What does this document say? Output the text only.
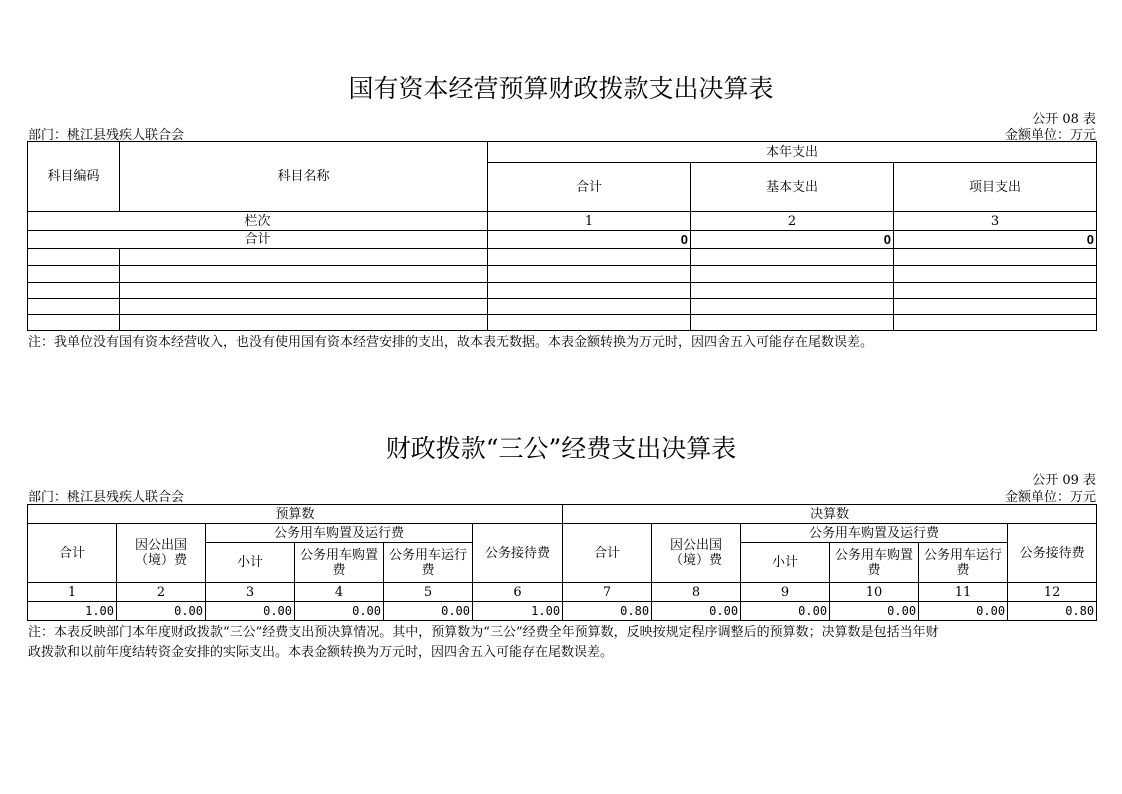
国有资本经营预算财政拨款支出决算表
公开 08 表
部门：桃江县残疾人联合会	金额单位：万元
科目编码	科目名称	本年支出		
		合计	基本支出	项目支出
栏次		1	2	3
合计		0	0	0

注：我单位没有国有资本经营收入，也没有使用国有资本经营安排的支出，故本表无数据。本表金额转换为万元时，因四舍五入可能存在尾数误差。
财政拨款“三公”经费支出决算表
公开 09 表
部门：桃江县残疾人联合会	金额单位：万元
预算数						决算数					
合计	因公出国（境）费	公务用车购置及运行费			公务接待费	合计	因公出国（境）费	公务用车购置及运行费			公务接待费
		小计	公务用车购置费	公务用车运行费				小计	公务用车购置费	公务用车运行费	
1	2	3	4	5	6	7	8	9	10	11	12
1.00	0.00	0.00	0.00	0.00	1.00	0.80	0.00	0.00	0.00	0.00	0.80
注：本表反映部门本年度财政拨款“三公”经费支出预决算情况。其中，预算数为“三公”经费全年预算数，反映按规定程序调整后的预算数；决算数是包括当年财
政拨款和以前年度结转资金安排的实际支出。本表金额转换为万元时，因四舍五入可能存在尾数误差。
